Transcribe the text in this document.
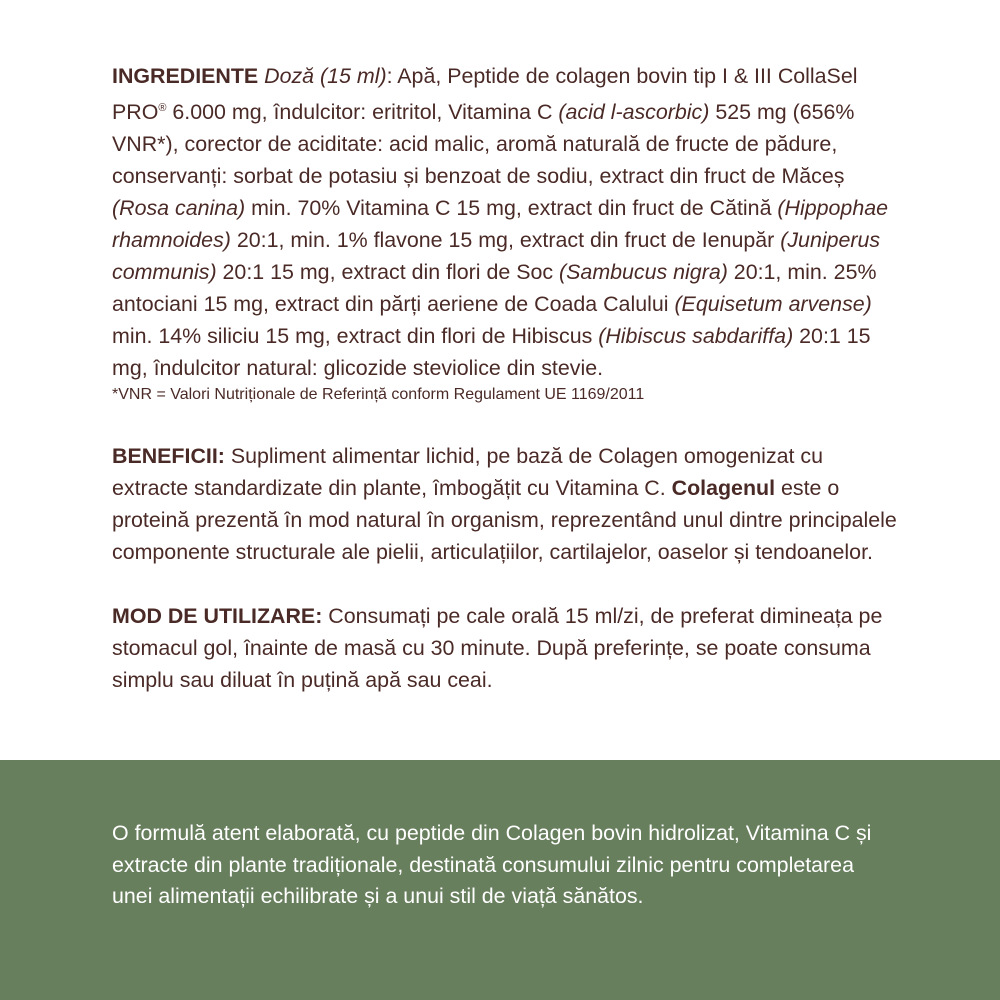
INGREDIENTE Doză (15 ml): Apă, Peptide de colagen bovin tip I & III CollaSel PRO® 6.000 mg, îndulcitor: eritritol, Vitamina C (acid l-ascorbic) 525 mg (656% VNR*), corector de aciditate: acid malic, aromă naturală de fructe de pădure, conservanți: sorbat de potasiu și benzoat de sodiu, extract din fruct de Măceș (Rosa canina) min. 70% Vitamina C 15 mg, extract din fruct de Cătină (Hippophae rhamnoides) 20:1, min. 1% flavone 15 mg, extract din fruct de Ienupăr (Juniperus communis) 20:1 15 mg, extract din flori de Soc (Sambucus nigra) 20:1, min. 25% antociani 15 mg, extract din părți aeriene de Coada Calului (Equisetum arvense) min. 14% siliciu 15 mg, extract din flori de Hibiscus (Hibiscus sabdariffa) 20:1 15 mg, îndulcitor natural: glicozide steviolice din stevie.

*VNR = Valori Nutriționale de Referință conform Regulament UE 1169/2011

BENEFICII: Supliment alimentar lichid, pe bază de Colagen omogenizat cu extracte standardizate din plante, îmbogățit cu Vitamina C. Colagenul este o proteină prezentă în mod natural în organism, reprezentând unul dintre principalele componente structurale ale pielii, articulațiilor, cartilajelor, oaselor și tendoanelor.

MOD DE UTILIZARE: Consumați pe cale orală 15 ml/zi, de preferat dimineața pe stomacul gol, înainte de masă cu 30 minute. După preferințe, se poate consuma simplu sau diluat în puțină apă sau ceai.

O formulă atent elaborată, cu peptide din Colagen bovin hidrolizat, Vitamina C și extracte din plante tradiționale, destinată consumului zilnic pentru completarea unei alimentații echilibrate și a unui stil de viață sănătos.
